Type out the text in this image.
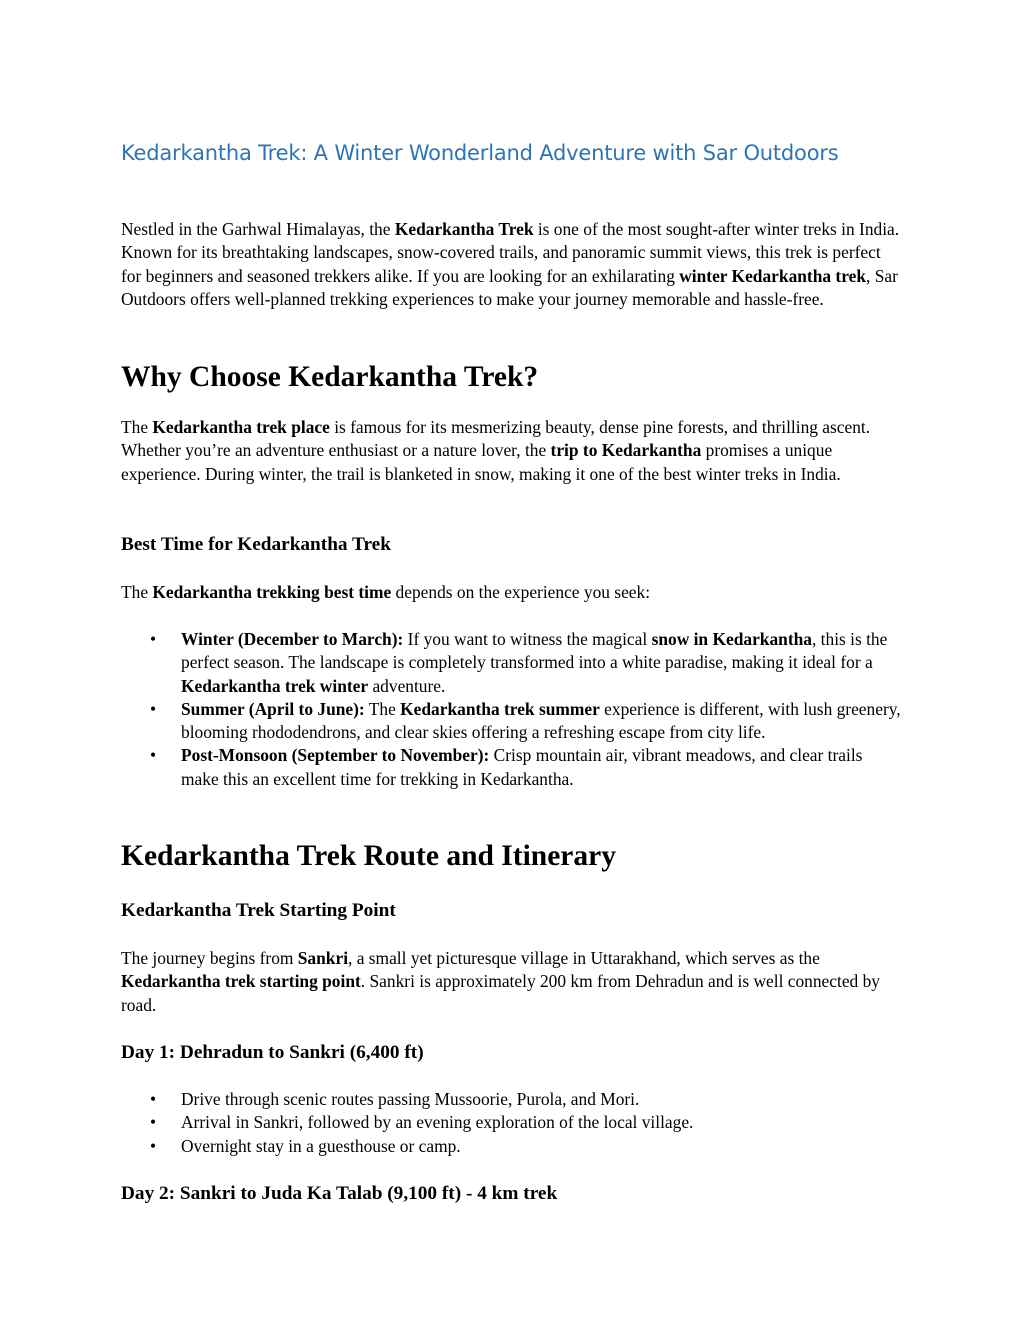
Kedarkantha Trek: A Winter Wonderland Adventure with Sar Outdoors

Nestled in the Garhwal Himalayas, the Kedarkantha Trek is one of the most sought-after winter treks in India. Known for its breathtaking landscapes, snow-covered trails, and panoramic summit views, this trek is perfect for beginners and seasoned trekkers alike. If you are looking for an exhilarating winter Kedarkantha trek, Sar Outdoors offers well-planned trekking experiences to make your journey memorable and hassle-free.

Why Choose Kedarkantha Trek?

The Kedarkantha trek place is famous for its mesmerizing beauty, dense pine forests, and thrilling ascent. Whether you’re an adventure enthusiast or a nature lover, the trip to Kedarkantha promises a unique experience. During winter, the trail is blanketed in snow, making it one of the best winter treks in India.

Best Time for Kedarkantha Trek

The Kedarkantha trekking best time depends on the experience you seek:

• Winter (December to March): If you want to witness the magical snow in Kedarkantha, this is the perfect season. The landscape is completely transformed into a white paradise, making it ideal for a Kedarkantha trek winter adventure.
• Summer (April to June): The Kedarkantha trek summer experience is different, with lush greenery, blooming rhododendrons, and clear skies offering a refreshing escape from city life.
• Post-Monsoon (September to November): Crisp mountain air, vibrant meadows, and clear trails make this an excellent time for trekking in Kedarkantha.
Kedarkantha Trek Route and Itinerary
Kedarkantha Trek Starting Point

The journey begins from Sankri, a small yet picturesque village in Uttarakhand, which serves as the Kedarkantha trek starting point. Sankri is approximately 200 km from Dehradun and is well connected by road.

Day 1: Dehradun to Sankri (6,400 ft)
• Drive through scenic routes passing Mussoorie, Purola, and Mori.
• Arrival in Sankri, followed by an evening exploration of the local village.
• Overnight stay in a guesthouse or camp.
Day 2: Sankri to Juda Ka Talab (9,100 ft) - 4 km trek
